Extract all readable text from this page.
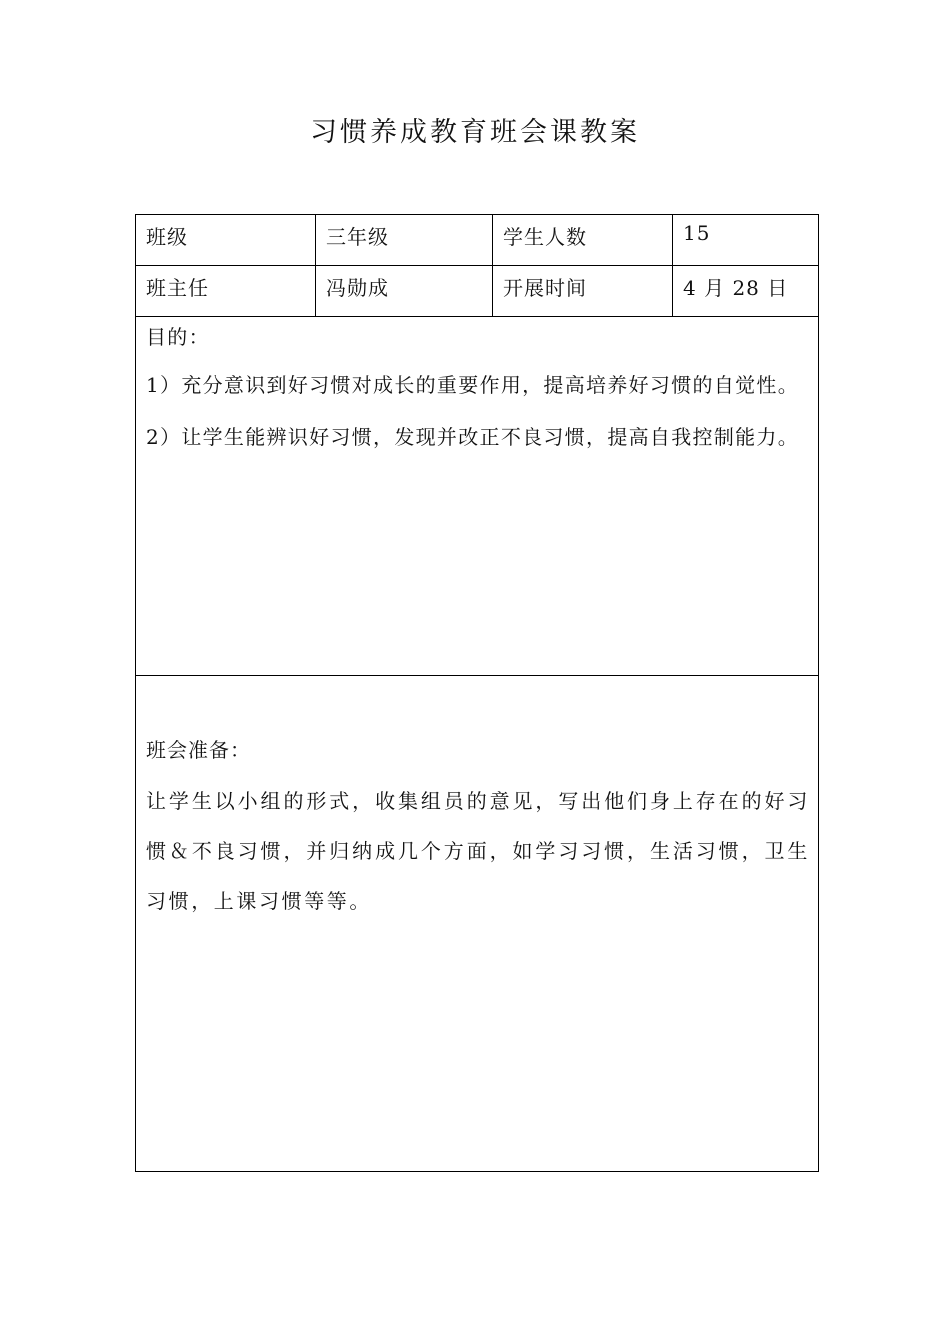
习惯养成教育班会课教案
班级	三年级	学生人数	15
班主任	冯勋成	开展时间	4 月 28 日

目的：

1）充分意识到好习惯对成长的重要作用，提高培养好习惯的自觉性。

2）让学生能辨识好习惯，发现并改正不良习惯，提高自我控制能力。

班会准备：

让学生以小组的形式，收集组员的意见，写出他们身上存在的好习惯＆不良习惯，并归纳成几个方面，如学习习惯，生活习惯，卫生习惯，上课习惯等等。
